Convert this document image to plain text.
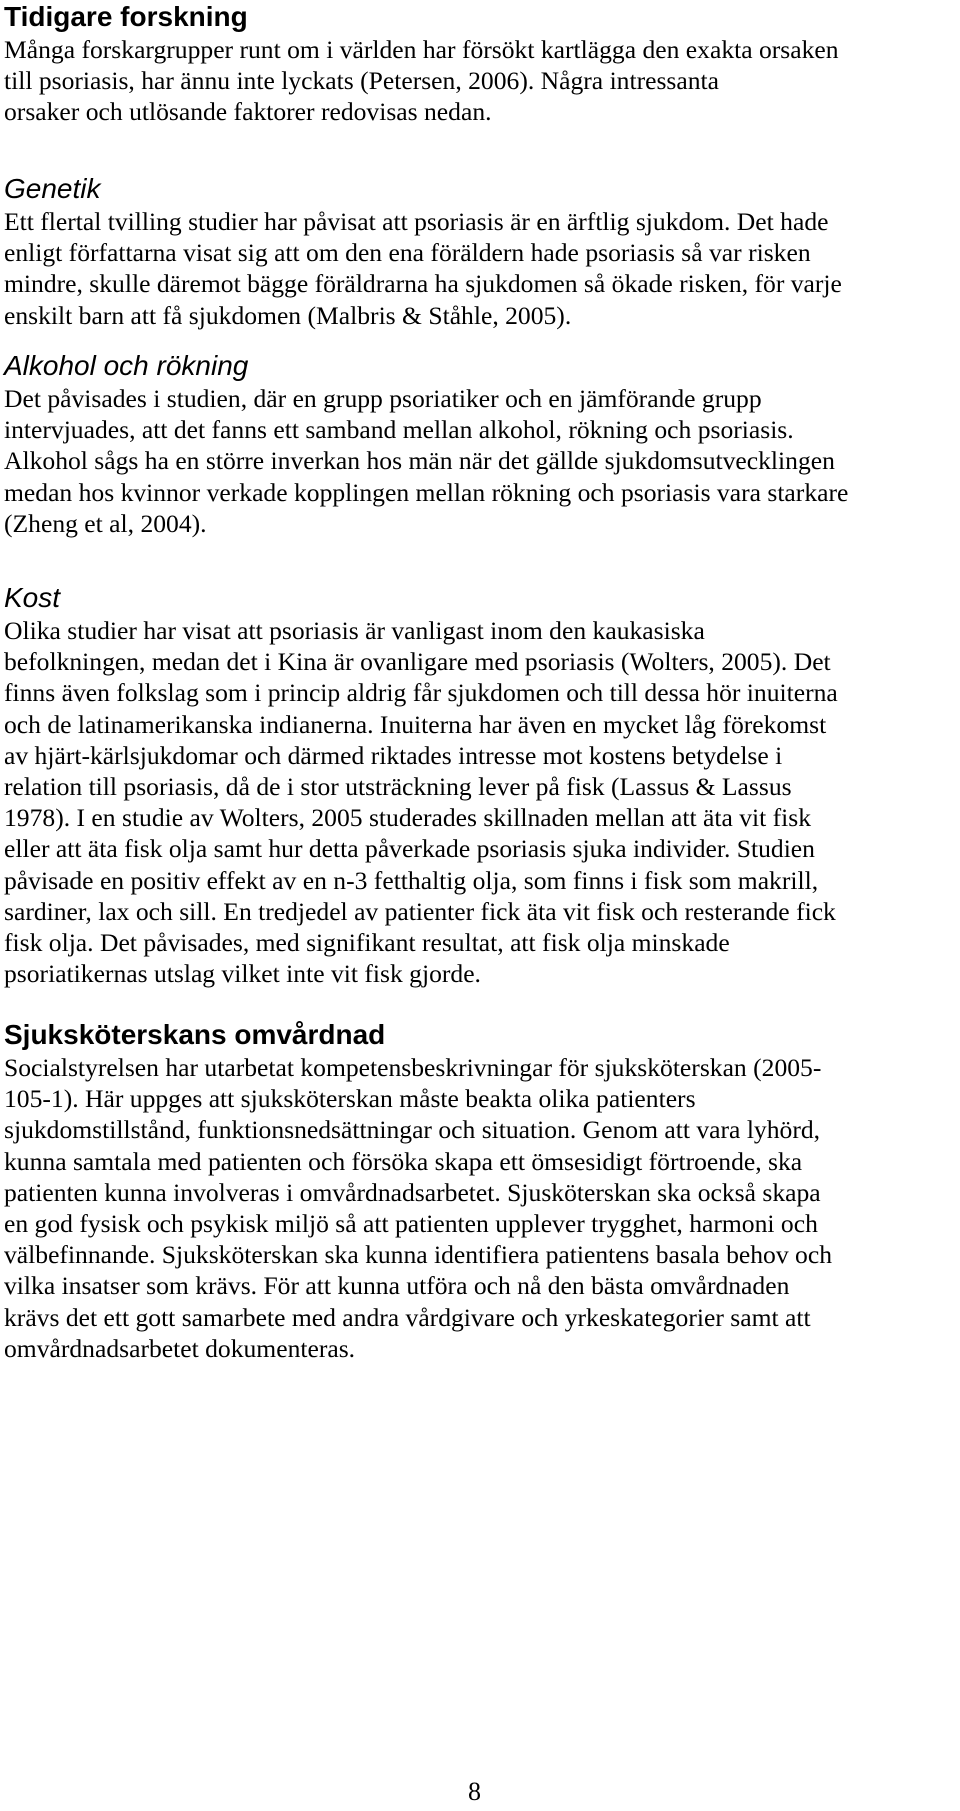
Tidigare forskning

Många forskargrupper runt om i världen har försökt kartlägga den exakta orsaken
till psoriasis, har ännu inte lyckats (Petersen, 2006). Några intressanta
orsaker och utlösande faktorer redovisas nedan.

Genetik

Ett flertal tvilling studier har påvisat att psoriasis är en ärftlig sjukdom. Det hade
enligt författarna visat sig att om den ena föräldern hade psoriasis så var risken
mindre, skulle däremot bägge föräldrarna ha sjukdomen så ökade risken, för varje
enskilt barn att få sjukdomen (Malbris & Ståhle, 2005).

Alkohol och rökning

Det påvisades i studien, där en grupp psoriatiker och en jämförande grupp
intervjuades, att det fanns ett samband mellan alkohol, rökning och psoriasis.
Alkohol sågs ha en större inverkan hos män när det gällde sjukdomsutvecklingen
medan hos kvinnor verkade kopplingen mellan rökning och psoriasis vara starkare
(Zheng et al, 2004).

Kost

Olika studier har visat att psoriasis är vanligast inom den kaukasiska
befolkningen, medan det i Kina är ovanligare med psoriasis (Wolters, 2005). Det
finns även folkslag som i princip aldrig får sjukdomen och till dessa hör inuiterna
och de latinamerikanska indianerna. Inuiterna har även en mycket låg förekomst
av hjärt-kärlsjukdomar och därmed riktades intresse mot kostens betydelse i
relation till psoriasis, då de i stor utsträckning lever på fisk (Lassus & Lassus
1978). I en studie av Wolters, 2005 studerades skillnaden mellan att äta vit fisk
eller att äta fisk olja samt hur detta påverkade psoriasis sjuka individer. Studien
påvisade en positiv effekt av en n-3 fetthaltig olja, som finns i fisk som makrill,
sardiner, lax och sill. En tredjedel av patienter fick äta vit fisk och resterande fick
fisk olja. Det påvisades, med signifikant resultat, att fisk olja minskade
psoriatikernas utslag vilket inte vit fisk gjorde.

Sjuksköterskans omvårdnad

Socialstyrelsen har utarbetat kompetensbeskrivningar för sjuksköterskan (2005-
105-1). Här uppges att sjuksköterskan måste beakta olika patienters
sjukdomstillstånd, funktionsnedsättningar och situation. Genom att vara lyhörd,
kunna samtala med patienten och försöka skapa ett ömsesidigt förtroende, ska
patienten kunna involveras i omvårdnadsarbetet. Sjusköterskan ska också skapa
en god fysisk och psykisk miljö så att patienten upplever trygghet, harmoni och
välbefinnande. Sjuksköterskan ska kunna identifiera patientens basala behov och
vilka insatser som krävs. För att kunna utföra och nå den bästa omvårdnaden
krävs det ett gott samarbete med andra vårdgivare och yrkeskategorier samt att
omvårdnadsarbetet dokumenteras.

8
